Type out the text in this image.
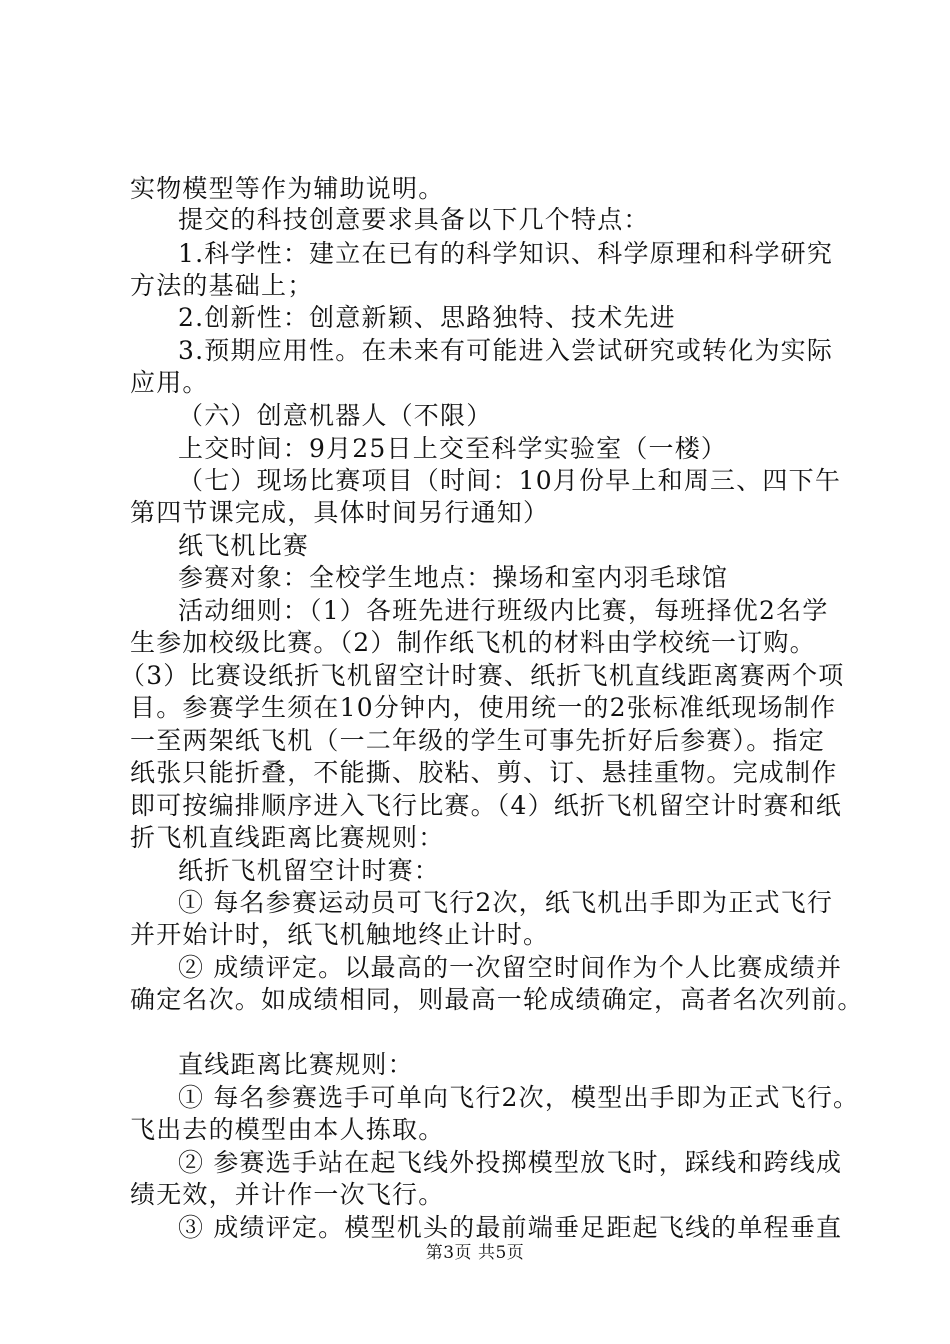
实物模型等作为辅助说明。
提交的科技创意要求具备以下几个特点：
1.科学性：建立在已有的科学知识、科学原理和科学研究
方法的基础上；
2.创新性：创意新颖、思路独特、技术先进
3.预期应用性。在未来有可能进入尝试研究或转化为实际
应用。
（六）创意机器人（不限）
上交时间：9月25日上交至科学实验室（一楼）
（七）现场比赛项目（时间：10月份早上和周三、四下午
第四节课完成，具体时间另行通知）
纸飞机比赛
参赛对象：全校学生地点：操场和室内羽毛球馆
活动细则：（1）各班先进行班级内比赛，每班择优2名学
生参加校级比赛。（2）制作纸飞机的材料由学校统一订购。
（3）比赛设纸折飞机留空计时赛、纸折飞机直线距离赛两个项
目。参赛学生须在10分钟内，使用统一的2张标准纸现场制作
一至两架纸飞机（一二年级的学生可事先折好后参赛）。指定
纸张只能折叠，不能撕、胶粘、剪、订、悬挂重物。完成制作
即可按编排顺序进入飞行比赛。（4）纸折飞机留空计时赛和纸
折飞机直线距离比赛规则：
纸折飞机留空计时赛：
① 每名参赛运动员可飞行2次，纸飞机出手即为正式飞行
并开始计时，纸飞机触地终止计时。
② 成绩评定。以最高的一次留空时间作为个人比赛成绩并
确定名次。如成绩相同，则最高一轮成绩确定，高者名次列前。
直线距离比赛规则：
① 每名参赛选手可单向飞行2次，模型出手即为正式飞行。
飞出去的模型由本人拣取。
② 参赛选手站在起飞线外投掷模型放飞时，踩线和跨线成
绩无效，并计作一次飞行。
③ 成绩评定。模型机头的最前端垂足距起飞线的单程垂直
第3页 共5页
